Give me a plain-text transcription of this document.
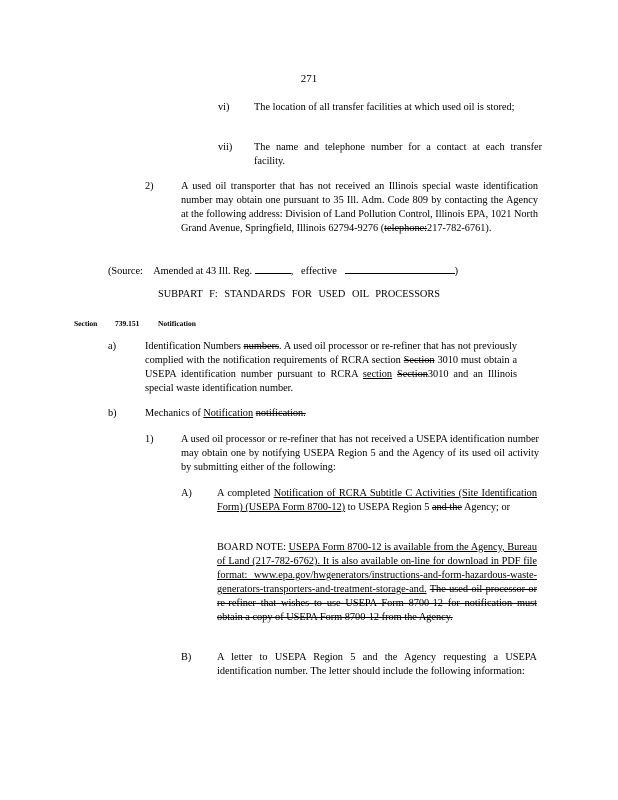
271
vi) The location of all transfer facilities at which used oil is stored;
vii) The name and telephone number for a contact at each transfer facility.
2)	A used oil transporter that has not received an Illinois special waste identification number may obtain one pursuant to 35 Ill. Adm. Code 809 by contacting the Agency at the following address: Division of Land Pollution Control, Illinois EPA, 1021 North Grand Avenue, Springfield, Illinois 62794-9276 (telephone:217-782-6761).
(Source: Amended at 43 Ill. Reg.	, effective	)
SUBPART F: STANDARDS FOR USED OIL PROCESSORS
Section 739.151 Notification
a)	Identification Numbers numbers. A used oil processor or re-refiner that has not previously complied with the notification requirements of RCRA section Section 3010 must obtain a USEPA identification number pursuant to RCRA section Section3010 and an Illinois special waste identification number.
b)	Mechanics of Notification notification.
1)	A used oil processor or re-refiner that has not received a USEPA identification number may obtain one by notifying USEPA Region 5 and the Agency of its used oil activity by submitting either of the following:
A) A completed Notification of RCRA Subtitle C Activities (Site Identification Form) (USEPA Form 8700-12) to USEPA Region 5 and the Agency; or
BOARD NOTE: USEPA Form 8700-12 is available from the Agency, Bureau of Land (217-782-6762). It is also available on-line for download in PDF file format: www.epa.gov/hwgenerators/instructions-and-form-hazardous-waste-generators-transporters-and-treatment-storage-and. The used oil processor or re-refiner that wishes to use USEPA Form 8700-12 for notification must obtain a copy of USEPA Form 8700-12 from the Agency.
B) A letter to USEPA Region 5 and the Agency requesting a USEPA identification number. The letter should include the following information:
